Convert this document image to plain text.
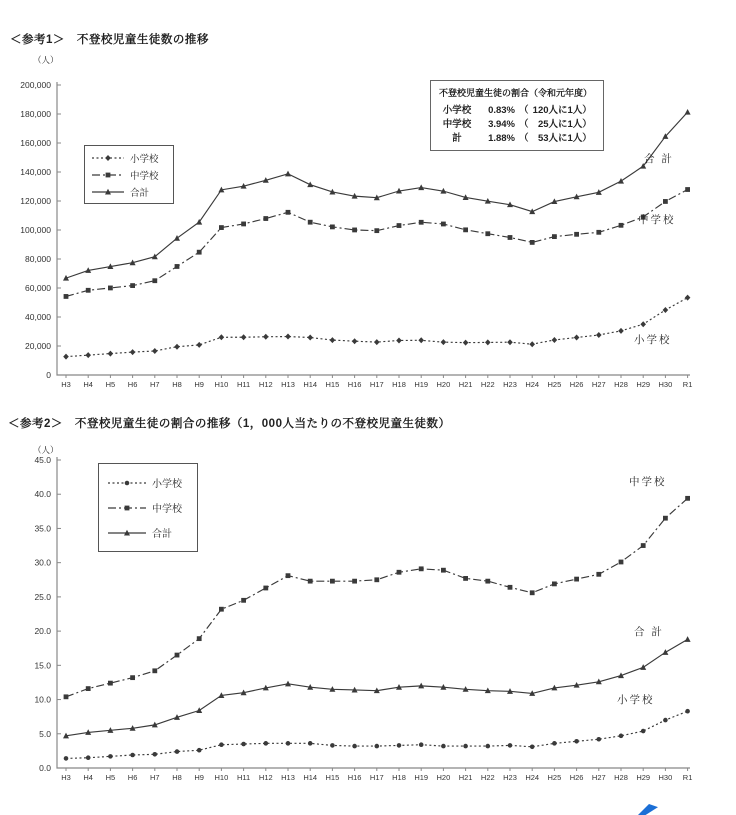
＜参考1＞　不登校児童生徒数の推移
（人）
0
20,000
40,000
60,000
80,000
100,000
120,000
140,000
160,000
180,000
200,000
H3 H4 H5 H6 H7 H8 H9 H10 H11 H12 H13 H14 H15 H16 H17 H18 H19 H20 H21 H22 H23 H24 H25 H26 H27 H28 H29 H30 R1
小学校
中学校
合計
不登校児童生徒の割合（令和元年度）
小学校	0.83% （ 120 人に1人）
中学校	3.94% （ 25 人に1人）
計	1.88% （ 53 人に1人）
合 計
中学校
小学校
＜参考2＞　不登校児童生徒の割合の推移（1，000人当たりの不登校児童生徒数）
（人）
0.0
5.0
10.0
15.0
20.0
25.0
30.0
35.0
40.0
45.0
H3 H4 H5 H6 H7 H8 H9 H10 H11 H12 H13 H14 H15 H16 H17 H18 H19 H20 H21 H22 H23 H24 H25 H26 H27 H28 H29 H30 R1
小学校
中学校
合計
中学校
合 計
小学校
